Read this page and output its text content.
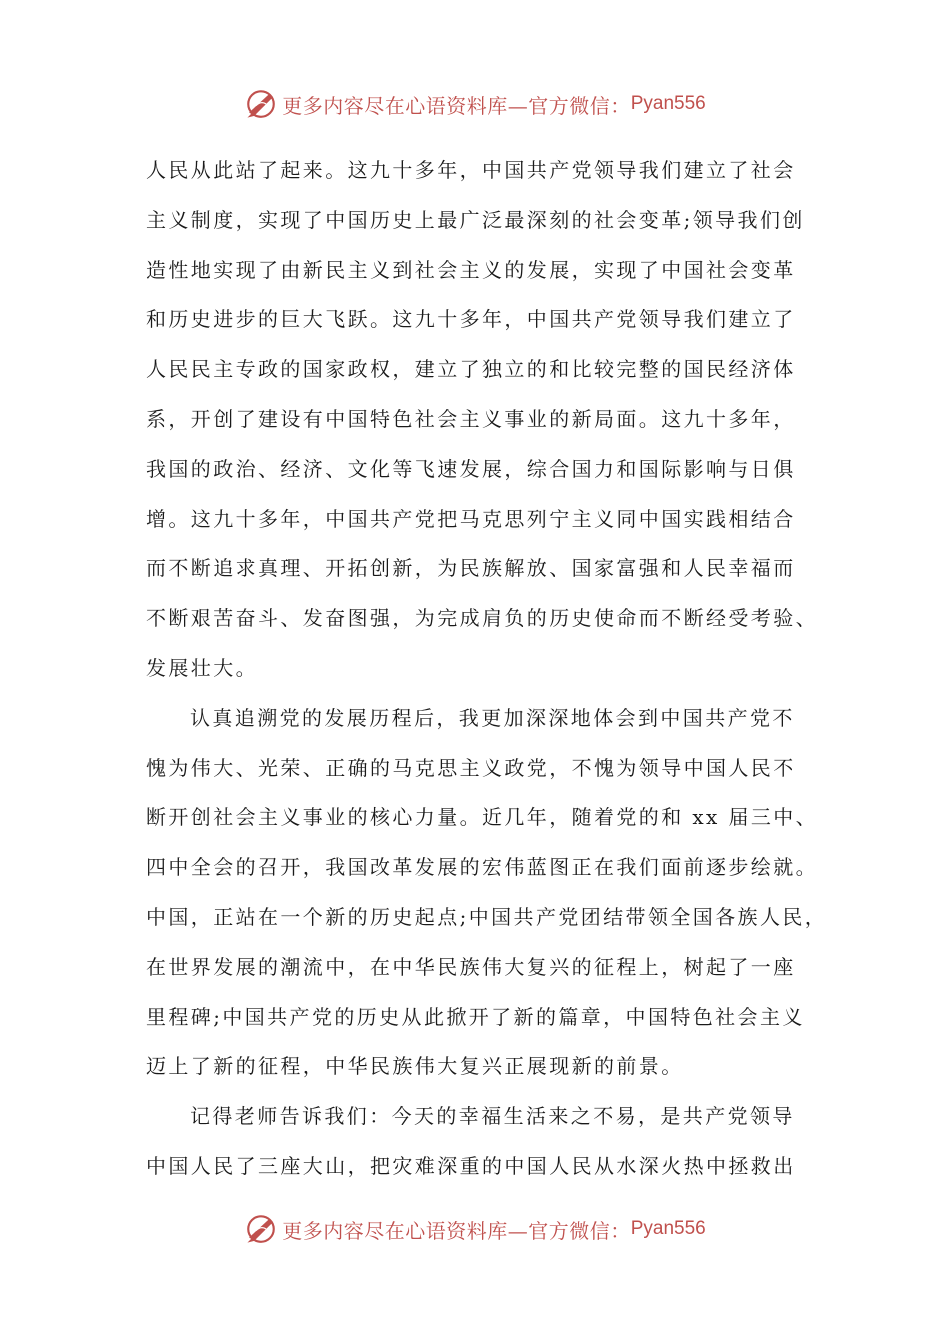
更多内容尽在心语资料库—官方微信： Pyan556
人民从此站了起来。这九十多年，中国共产党领导我们建立了社会
主义制度，实现了中国历史上最广泛最深刻的社会变革;领导我们创
造性地实现了由新民主义到社会主义的发展，实现了中国社会变革
和历史进步的巨大飞跃。这九十多年，中国共产党领导我们建立了
人民民主专政的国家政权，建立了独立的和比较完整的国民经济体
系，开创了建设有中国特色社会主义事业的新局面。这九十多年，
我国的政治、经济、文化等飞速发展，综合国力和国际影响与日俱
增。这九十多年，中国共产党把马克思列宁主义同中国实践相结合
而不断追求真理、开拓创新，为民族解放、国家富强和人民幸福而
不断艰苦奋斗、发奋图强，为完成肩负的历史使命而不断经受考验、
发展壮大。
认真追溯党的发展历程后，我更加深深地体会到中国共产党不
愧为伟大、光荣、正确的马克思主义政党，不愧为领导中国人民不
断开创社会主义事业的核心力量。近几年，随着党的和 xx 届三中、
四中全会的召开，我国改革发展的宏伟蓝图正在我们面前逐步绘就。
中国，正站在一个新的历史起点;中国共产党团结带领全国各族人民，
在世界发展的潮流中，在中华民族伟大复兴的征程上，树起了一座
里程碑;中国共产党的历史从此掀开了新的篇章，中国特色社会主义
迈上了新的征程，中华民族伟大复兴正展现新的前景。
记得老师告诉我们：今天的幸福生活来之不易，是共产党领导
中国人民了三座大山，把灾难深重的中国人民从水深火热中拯救出
更多内容尽在心语资料库—官方微信： Pyan556
